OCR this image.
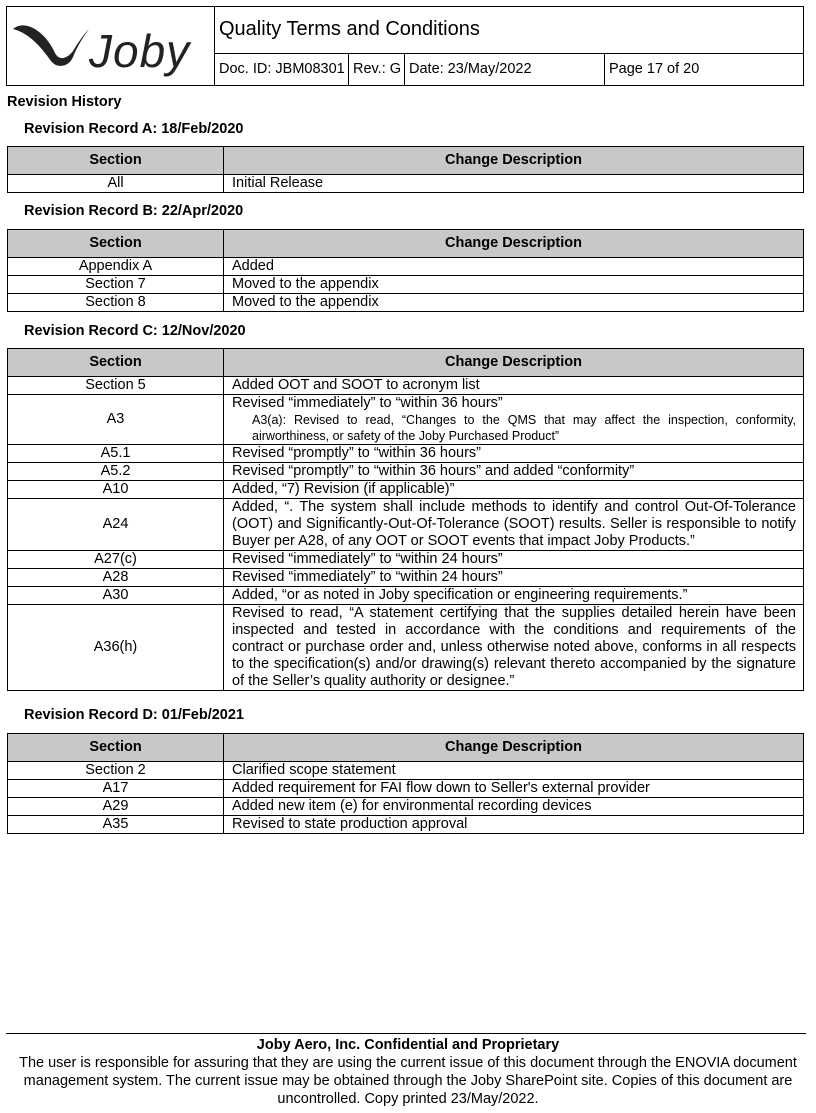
Joby	Quality Terms and Conditions			
	Doc. ID: JBM08301	Rev.: G	Date: 23/May/2022	Page 17 of 20
Revision History
Revision Record A: 18/Feb/2020
Section	Change Description
All	Initial Release
Revision Record B: 22/Apr/2020
Section	Change Description
Appendix A	Added
Section 7	Moved to the appendix
Section 8	Moved to the appendix
Revision Record C: 12/Nov/2020
Section	Change Description
Section 5	Added OOT and SOOT to acronym list
A3	Revised “immediately” to “within 36 hours”
A3(a): Revised to read, “Changes to the QMS that may affect the inspection, conformity, airworthiness, or safety of the Joby Purchased Product”

A5.1	Revised “promptly” to “within 36 hours”
A5.2	Revised “promptly” to “within 36 hours” and added “conformity”
A10	Added, “7) Revision (if applicable)”
A24	Added, “. The system shall include methods to identify and control Out-Of-Tolerance (OOT) and Significantly-Out-Of-Tolerance (SOOT) results. Seller is responsible to notify Buyer per A28, of any OOT or SOOT events that impact Joby Products.”
A27(c)	Revised “immediately” to “within 24 hours”
A28	Revised “immediately” to “within 24 hours”
A30	Added, “or as noted in Joby specification or engineering requirements.”
A36(h)	Revised to read, “A statement certifying that the supplies detailed herein have been inspected and tested in accordance with the conditions and requirements of the contract or purchase order and, unless otherwise noted above, conforms in all respects to the specification(s) and/or drawing(s) relevant thereto accompanied by the signature of the Seller’s quality authority or designee.”
Revision Record D: 01/Feb/2021
Section	Change Description
Section 2	Clarified scope statement
A17	Added requirement for FAI flow down to Seller's external provider
A29	Added new item (e) for environmental recording devices
A35	Revised to state production approval
Joby Aero, Inc. Confidential and Proprietary
The user is responsible for assuring that they are using the current issue of this document through the ENOVIA document management system. The current issue may be obtained through the Joby SharePoint site. Copies of this document are uncontrolled. Copy printed 23/May/2022.
